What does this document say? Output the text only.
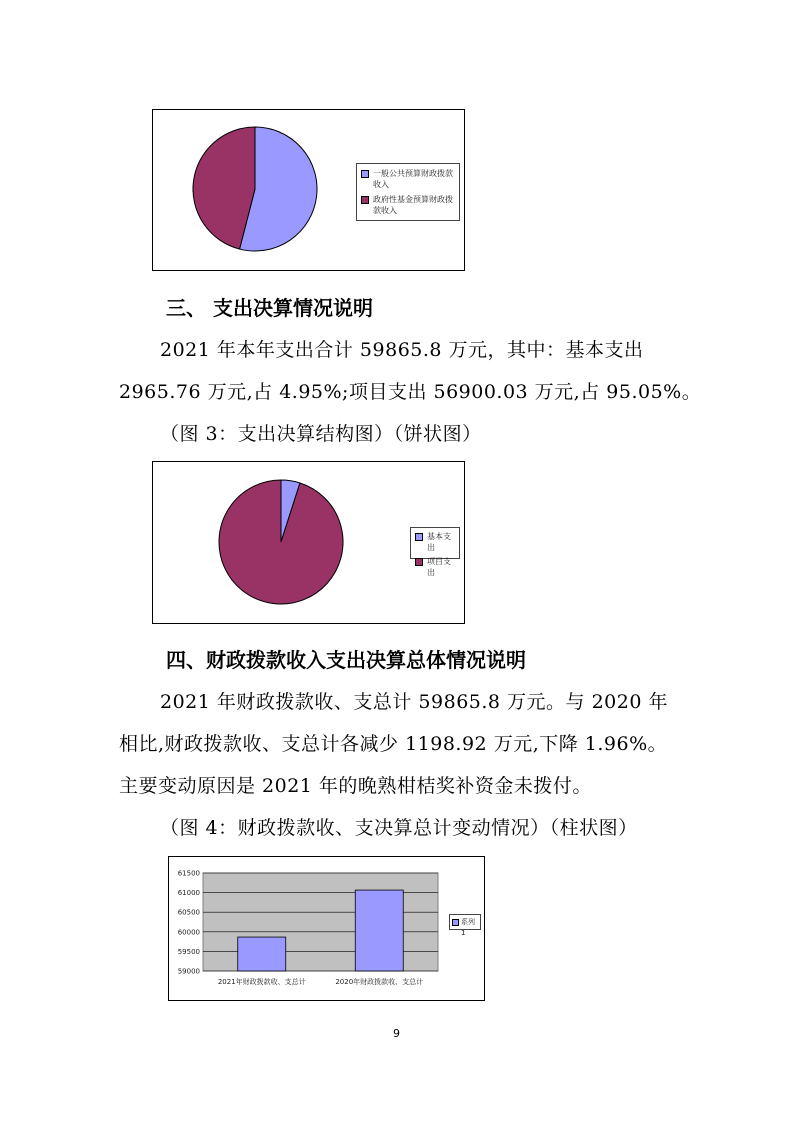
一般公共预算财政拨款收入
政府性基金预算财政拨款收入
三、 支出决算情况说明
2021 年本年支出合计 59865.8 万元，其中：基本支出
2965.76 万元,占 4.95%;项目支出 56900.03 万元,占 95.05%。
（图 3：支出决算结构图）（饼状图）
基本支出
项目支出
四、财政拨款收入支出决算总体情况说明
2021 年财政拨款收、支总计 59865.8 万元。与 2020 年
相比,财政拨款收、支总计各减少 1198.92 万元,下降 1.96%。
主要变动原因是 2021 年的晚熟柑桔奖补资金未拨付。
（图 4：财政拨款收、支决算总计变动情况）（柱状图）
61500
61000
60500
60000
59500
59000
2021年财政拨款收、支总计	2020年财政拨款收、支总计
系列1
9
